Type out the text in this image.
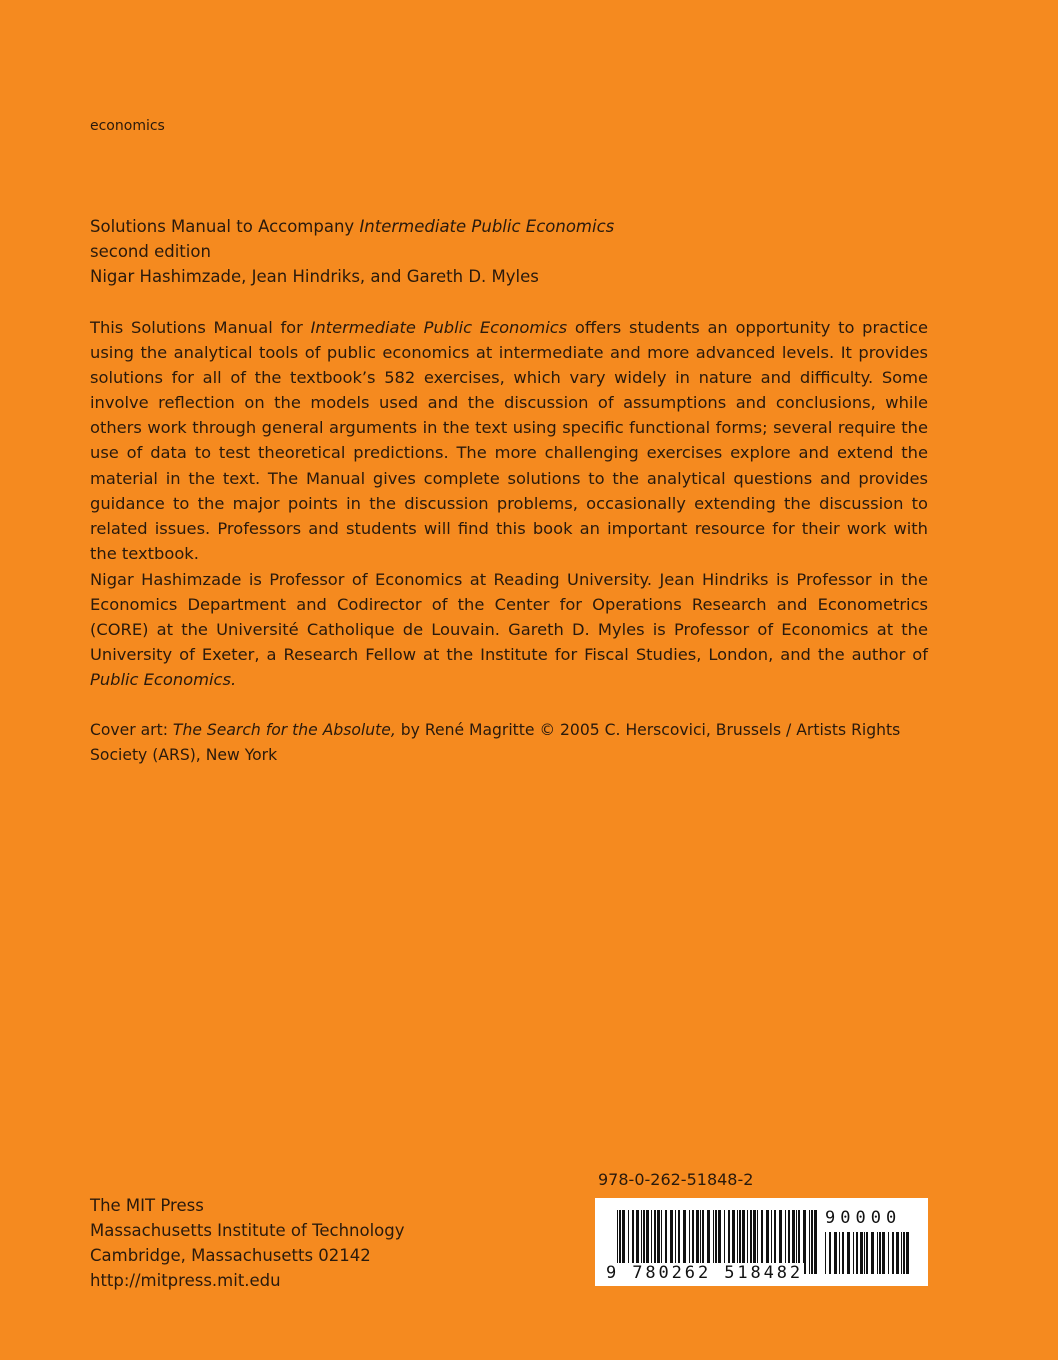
economics
Solutions Manual to Accompany Intermediate Public Economics
second edition
Nigar Hashimzade, Jean Hindriks, and Gareth D. Myles
This Solutions Manual for Intermediate Public Economics offers students an opportunity to practice using the analytical tools of public economics at intermediate and more advanced levels. It provides solutions for all of the textbook’s 582 exercises, which vary widely in nature and difficulty. Some involve reflection on the models used and the discussion of assumptions and conclusions, while others work through general arguments in the text using specific functional forms; several require the use of data to test theoretical predictions. The more challenging exercises explore and extend the material in the text. The Manual gives complete solutions to the analytical questions and provides guidance to the major points in the discussion problems, occasionally extending the discussion to related issues. Professors and students will find this book an important resource for their work with the textbook.
Nigar Hashimzade is Professor of Economics at Reading University. Jean Hindriks is Professor in the Economics Department and Codirector of the Center for Operations Research and Econometrics (CORE) at the Université Catholique de Louvain. Gareth D. Myles is Professor of Economics at the University of Exeter, a Research Fellow at the Institute for Fiscal Studies, London, and the author of Public Economics.
Cover art: The Search for the Absolute, by René Magritte © 2005 C. Herscovici, Brussels / Artists Rights Society (ARS), New York
The MIT Press
Massachusetts Institute of Technology
Cambridge, Massachusetts 02142
http://mitpress.mit.edu
978-0-262-51848-2
9 780262 518482
90000
